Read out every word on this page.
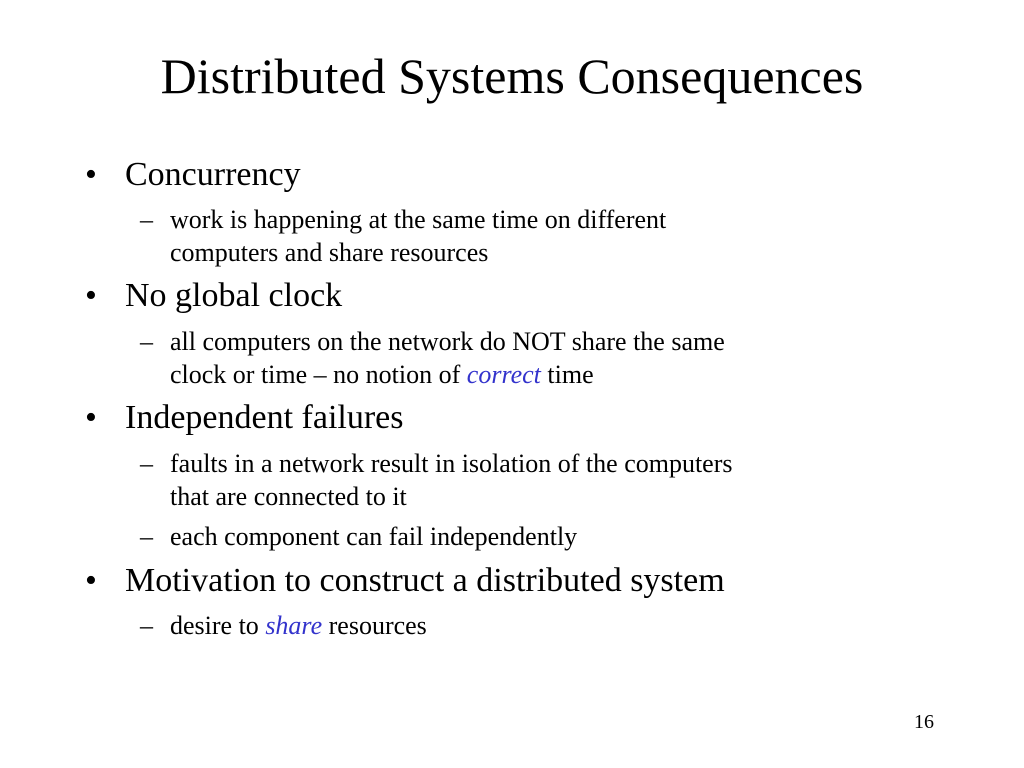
Distributed Systems Consequences
• Concurrency
– work is happening at the same time on different
computers and share resources
• No global clock
– all computers on the network do NOT share the same
clock or time – no notion of correct time
• Independent failures
– faults in a network result in isolation of the computers
that are connected to it
– each component can fail independently
• Motivation to construct a distributed system
– desire to share resources
16
